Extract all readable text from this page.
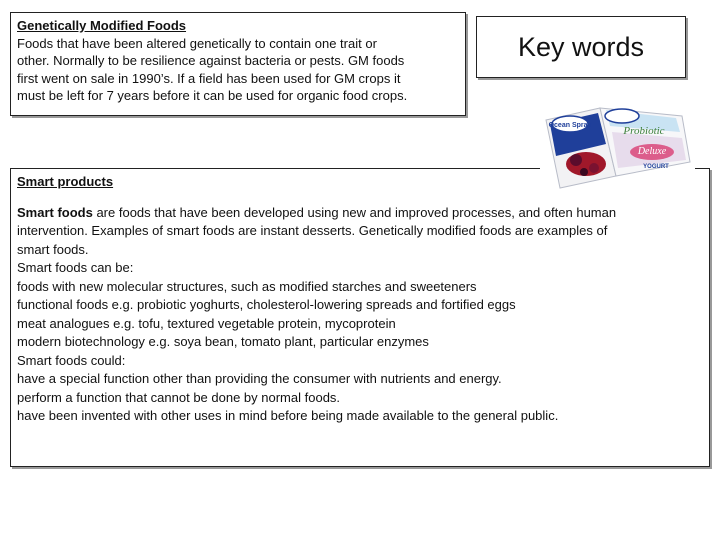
Genetically Modified Foods
Foods that have been altered genetically to contain one trait or
other. Normally to be resilience against bacteria or pests. GM foods
first went on sale in 1990’s. If a field has been used for GM crops it
must be left for 7 years before it can be used for organic food crops.
Key words
Smart products
Smart foods are foods that have been developed using new and improved processes, and often human
intervention. Examples of smart foods are instant desserts. Genetically modified foods are examples of
smart foods.
Smart foods can be:
foods with new molecular structures, such as modified starches and sweeteners
functional foods e.g. probiotic yoghurts, cholesterol-lowering spreads and fortified eggs
meat analogues e.g. tofu, textured vegetable protein, mycoprotein
modern biotechnology e.g. soya bean, tomato plant, particular enzymes
Smart foods could:
have a special function other than providing the consumer with nutrients and energy.
perform a function that cannot be done by normal foods.
have been invented with other uses in mind before being made available to the general public.
Ocean Spray	Probiotic
Deluxe
YOGURT
